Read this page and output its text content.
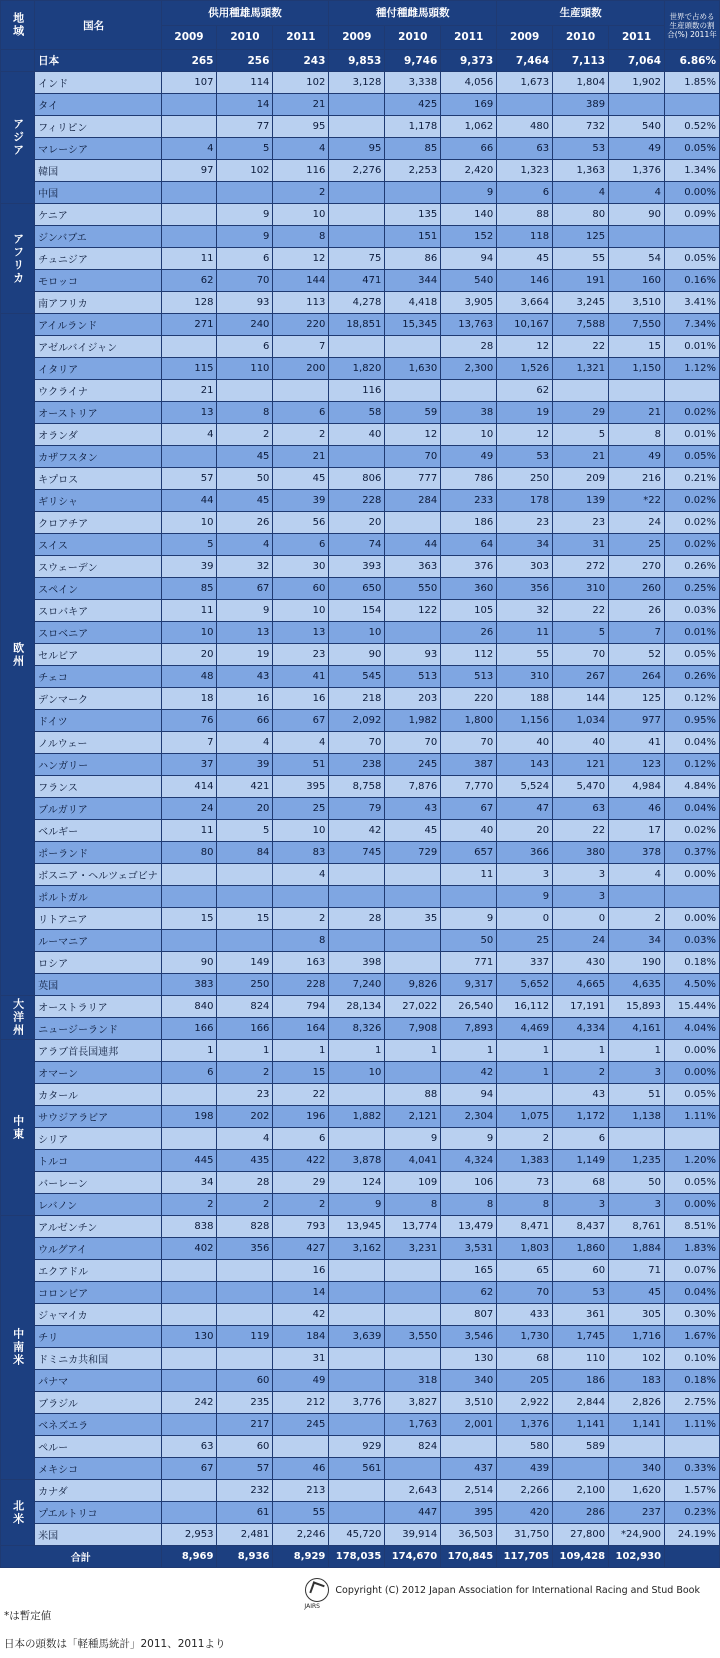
地域	国名	供用種雄馬頭数			種付種雌馬頭数			生産頭数			世界で占める生産頭数の割合(%) 2011年
		2009	2010	2011	2009	2010	2011	2009	2010	2011	
	日本	265	256	243	9,853	9,746	9,373	7,464	7,113	7,064	6.86%
アジア	インド	107	114	102	3,128	3,338	4,056	1,673	1,804	1,902	1.85%
	タイ		14	21		425	169		389		
	フィリピン		77	95		1,178	1,062	480	732	540	0.52%
	マレーシア	4	5	4	95	85	66	63	53	49	0.05%
	韓国	97	102	116	2,276	2,253	2,420	1,323	1,363	1,376	1.34%
	中国			2			9	6	4	4	0.00%
アフリカ	ケニア		9	10		135	140	88	80	90	0.09%
	ジンバブエ		9	8		151	152	118	125		
	チュニジア	11	6	12	75	86	94	45	55	54	0.05%
	モロッコ	62	70	144	471	344	540	146	191	160	0.16%
	南アフリカ	128	93	113	4,278	4,418	3,905	3,664	3,245	3,510	3.41%
欧州	アイルランド	271	240	220	18,851	15,345	13,763	10,167	7,588	7,550	7.34%
	アゼルバイジャン		6	7			28	12	22	15	0.01%
	イタリア	115	110	200	1,820	1,630	2,300	1,526	1,321	1,150	1.12%
	ウクライナ	21			116			62			
	オーストリア	13	8	6	58	59	38	19	29	21	0.02%
	オランダ	4	2	2	40	12	10	12	5	8	0.01%
	カザフスタン		45	21		70	49	53	21	49	0.05%
	キプロス	57	50	45	806	777	786	250	209	216	0.21%
	ギリシャ	44	45	39	228	284	233	178	139	*22	0.02%
	クロアチア	10	26	56	20		186	23	23	24	0.02%
	スイス	5	4	6	74	44	64	34	31	25	0.02%
	スウェーデン	39	32	30	393	363	376	303	272	270	0.26%
	スペイン	85	67	60	650	550	360	356	310	260	0.25%
	スロバキア	11	9	10	154	122	105	32	22	26	0.03%
	スロベニア	10	13	13	10		26	11	5	7	0.01%
	セルビア	20	19	23	90	93	112	55	70	52	0.05%
	チェコ	48	43	41	545	513	513	310	267	264	0.26%
	デンマーク	18	16	16	218	203	220	188	144	125	0.12%
	ドイツ	76	66	67	2,092	1,982	1,800	1,156	1,034	977	0.95%
	ノルウェー	7	4	4	70	70	70	40	40	41	0.04%
	ハンガリー	37	39	51	238	245	387	143	121	123	0.12%
	フランス	414	421	395	8,758	7,876	7,770	5,524	5,470	4,984	4.84%
	ブルガリア	24	20	25	79	43	67	47	63	46	0.04%
	ベルギー	11	5	10	42	45	40	20	22	17	0.02%
	ポーランド	80	84	83	745	729	657	366	380	378	0.37%
	ボスニア・ヘルツェゴビナ			4			11	3	3	4	0.00%
	ポルトガル							9	3		
	リトアニア	15	15	2	28	35	9	0	0	2	0.00%
	ルーマニア			8			50	25	24	34	0.03%
	ロシア	90	149	163	398		771	337	430	190	0.18%
	英国	383	250	228	7,240	9,826	9,317	5,652	4,665	4,635	4.50%
大洋州	オーストラリア	840	824	794	28,134	27,022	26,540	16,112	17,191	15,893	15.44%
	ニュージーランド	166	166	164	8,326	7,908	7,893	4,469	4,334	4,161	4.04%
中東	アラブ首長国連邦	1	1	1	1	1	1	1	1	1	0.00%
	オマーン	6	2	15	10		42	1	2	3	0.00%
	カタール		23	22		88	94		43	51	0.05%
	サウジアラビア	198	202	196	1,882	2,121	2,304	1,075	1,172	1,138	1.11%
	シリア		4	6		9	9	2	6		
	トルコ	445	435	422	3,878	4,041	4,324	1,383	1,149	1,235	1.20%
	バーレーン	34	28	29	124	109	106	73	68	50	0.05%
	レバノン	2	2	2	9	8	8	8	3	3	0.00%
中南米	アルゼンチン	838	828	793	13,945	13,774	13,479	8,471	8,437	8,761	8.51%
	ウルグアイ	402	356	427	3,162	3,231	3,531	1,803	1,860	1,884	1.83%
	エクアドル			16			165	65	60	71	0.07%
	コロンビア			14			62	70	53	45	0.04%
	ジャマイカ			42			807	433	361	305	0.30%
	チリ	130	119	184	3,639	3,550	3,546	1,730	1,745	1,716	1.67%
	ドミニカ共和国			31			130	68	110	102	0.10%
	パナマ		60	49		318	340	205	186	183	0.18%
	ブラジル	242	235	212	3,776	3,827	3,510	2,922	2,844	2,826	2.75%
	ベネズエラ		217	245		1,763	2,001	1,376	1,141	1,141	1.11%
	ペルー	63	60		929	824		580	589		
	メキシコ	67	57	46	561		437	439		340	0.33%
北米	カナダ		232	213		2,643	2,514	2,266	2,100	1,620	1.57%
	プエルトリコ		61	55		447	395	420	286	237	0.23%
	米国	2,953	2,481	2,246	45,720	39,914	36,503	31,750	27,800	*24,900	24.19%
合計		8,969	8,936	8,929	178,035	174,670	170,845	117,705	109,428	102,930	
JAIRS
Copyright (C) 2012 Japan Association for International Racing and Stud Book
*は暫定値
日本の頭数は「軽種馬統計」2011、2011より
